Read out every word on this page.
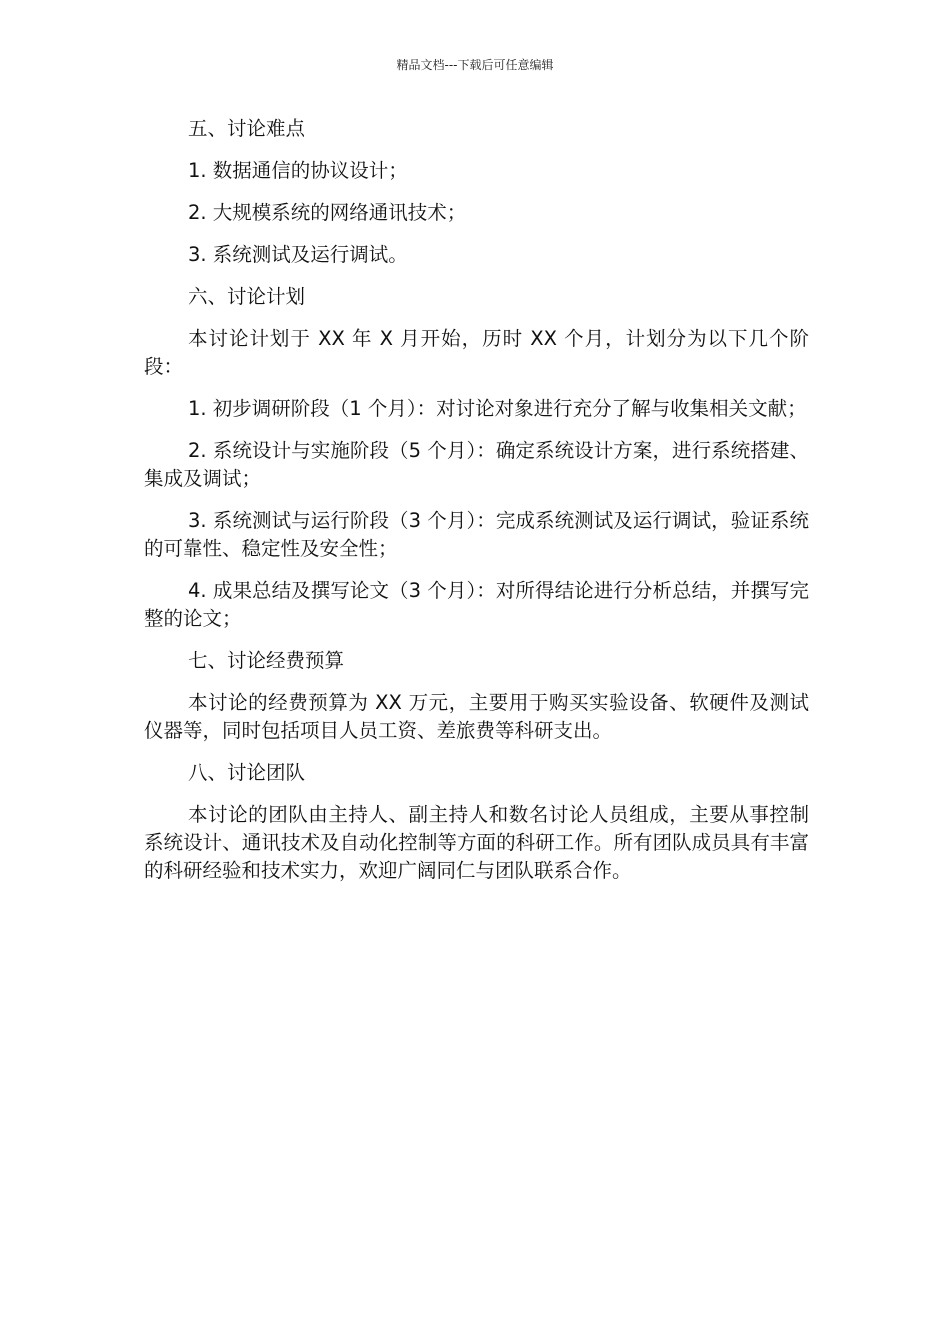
精品文档---下载后可任意编辑

五、讨论难点

1. 数据通信的协议设计；

2. 大规模系统的网络通讯技术；

3. 系统测试及运行调试。

六、讨论计划

本讨论计划于 XX 年 X 月开始，历时 XX 个月，计划分为以下几个阶段：

1. 初步调研阶段（1 个月）：对讨论对象进行充分了解与收集相关文献；

2. 系统设计与实施阶段（5 个月）：确定系统设计方案，进行系统搭建、集成及调试；

3. 系统测试与运行阶段（3 个月）：完成系统测试及运行调试，验证系统的可靠性、稳定性及安全性；

4. 成果总结及撰写论文（3 个月）：对所得结论进行分析总结，并撰写完整的论文；

七、讨论经费预算

本讨论的经费预算为 XX 万元，主要用于购买实验设备、软硬件及测试仪器等，同时包括项目人员工资、差旅费等科研支出。

八、讨论团队

本讨论的团队由主持人、副主持人和数名讨论人员组成，主要从事控制系统设计、通讯技术及自动化控制等方面的科研工作。所有团队成员具有丰富的科研经验和技术实力，欢迎广阔同仁与团队联系合作。
